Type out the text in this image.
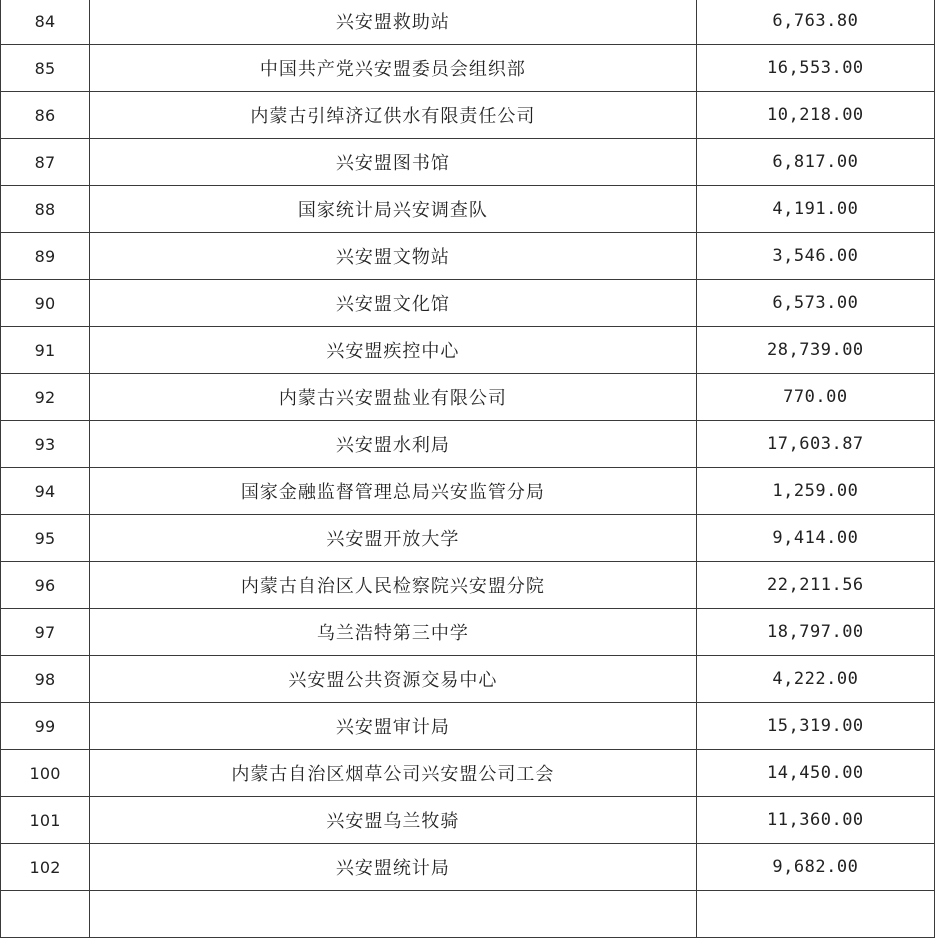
84	兴安盟救助站	6,763.80
85	中国共产党兴安盟委员会组织部	16,553.00
86	内蒙古引绰济辽供水有限责任公司	10,218.00
87	兴安盟图书馆	6,817.00
88	国家统计局兴安调查队	4,191.00
89	兴安盟文物站	3,546.00
90	兴安盟文化馆	6,573.00
91	兴安盟疾控中心	28,739.00
92	内蒙古兴安盟盐业有限公司	770.00
93	兴安盟水利局	17,603.87
94	国家金融监督管理总局兴安监管分局	1,259.00
95	兴安盟开放大学	9,414.00
96	内蒙古自治区人民检察院兴安盟分院	22,211.56
97	乌兰浩特第三中学	18,797.00
98	兴安盟公共资源交易中心	4,222.00
99	兴安盟审计局	15,319.00
100	内蒙古自治区烟草公司兴安盟公司工会	14,450.00
101	兴安盟乌兰牧骑	11,360.00
102	兴安盟统计局	9,682.00
